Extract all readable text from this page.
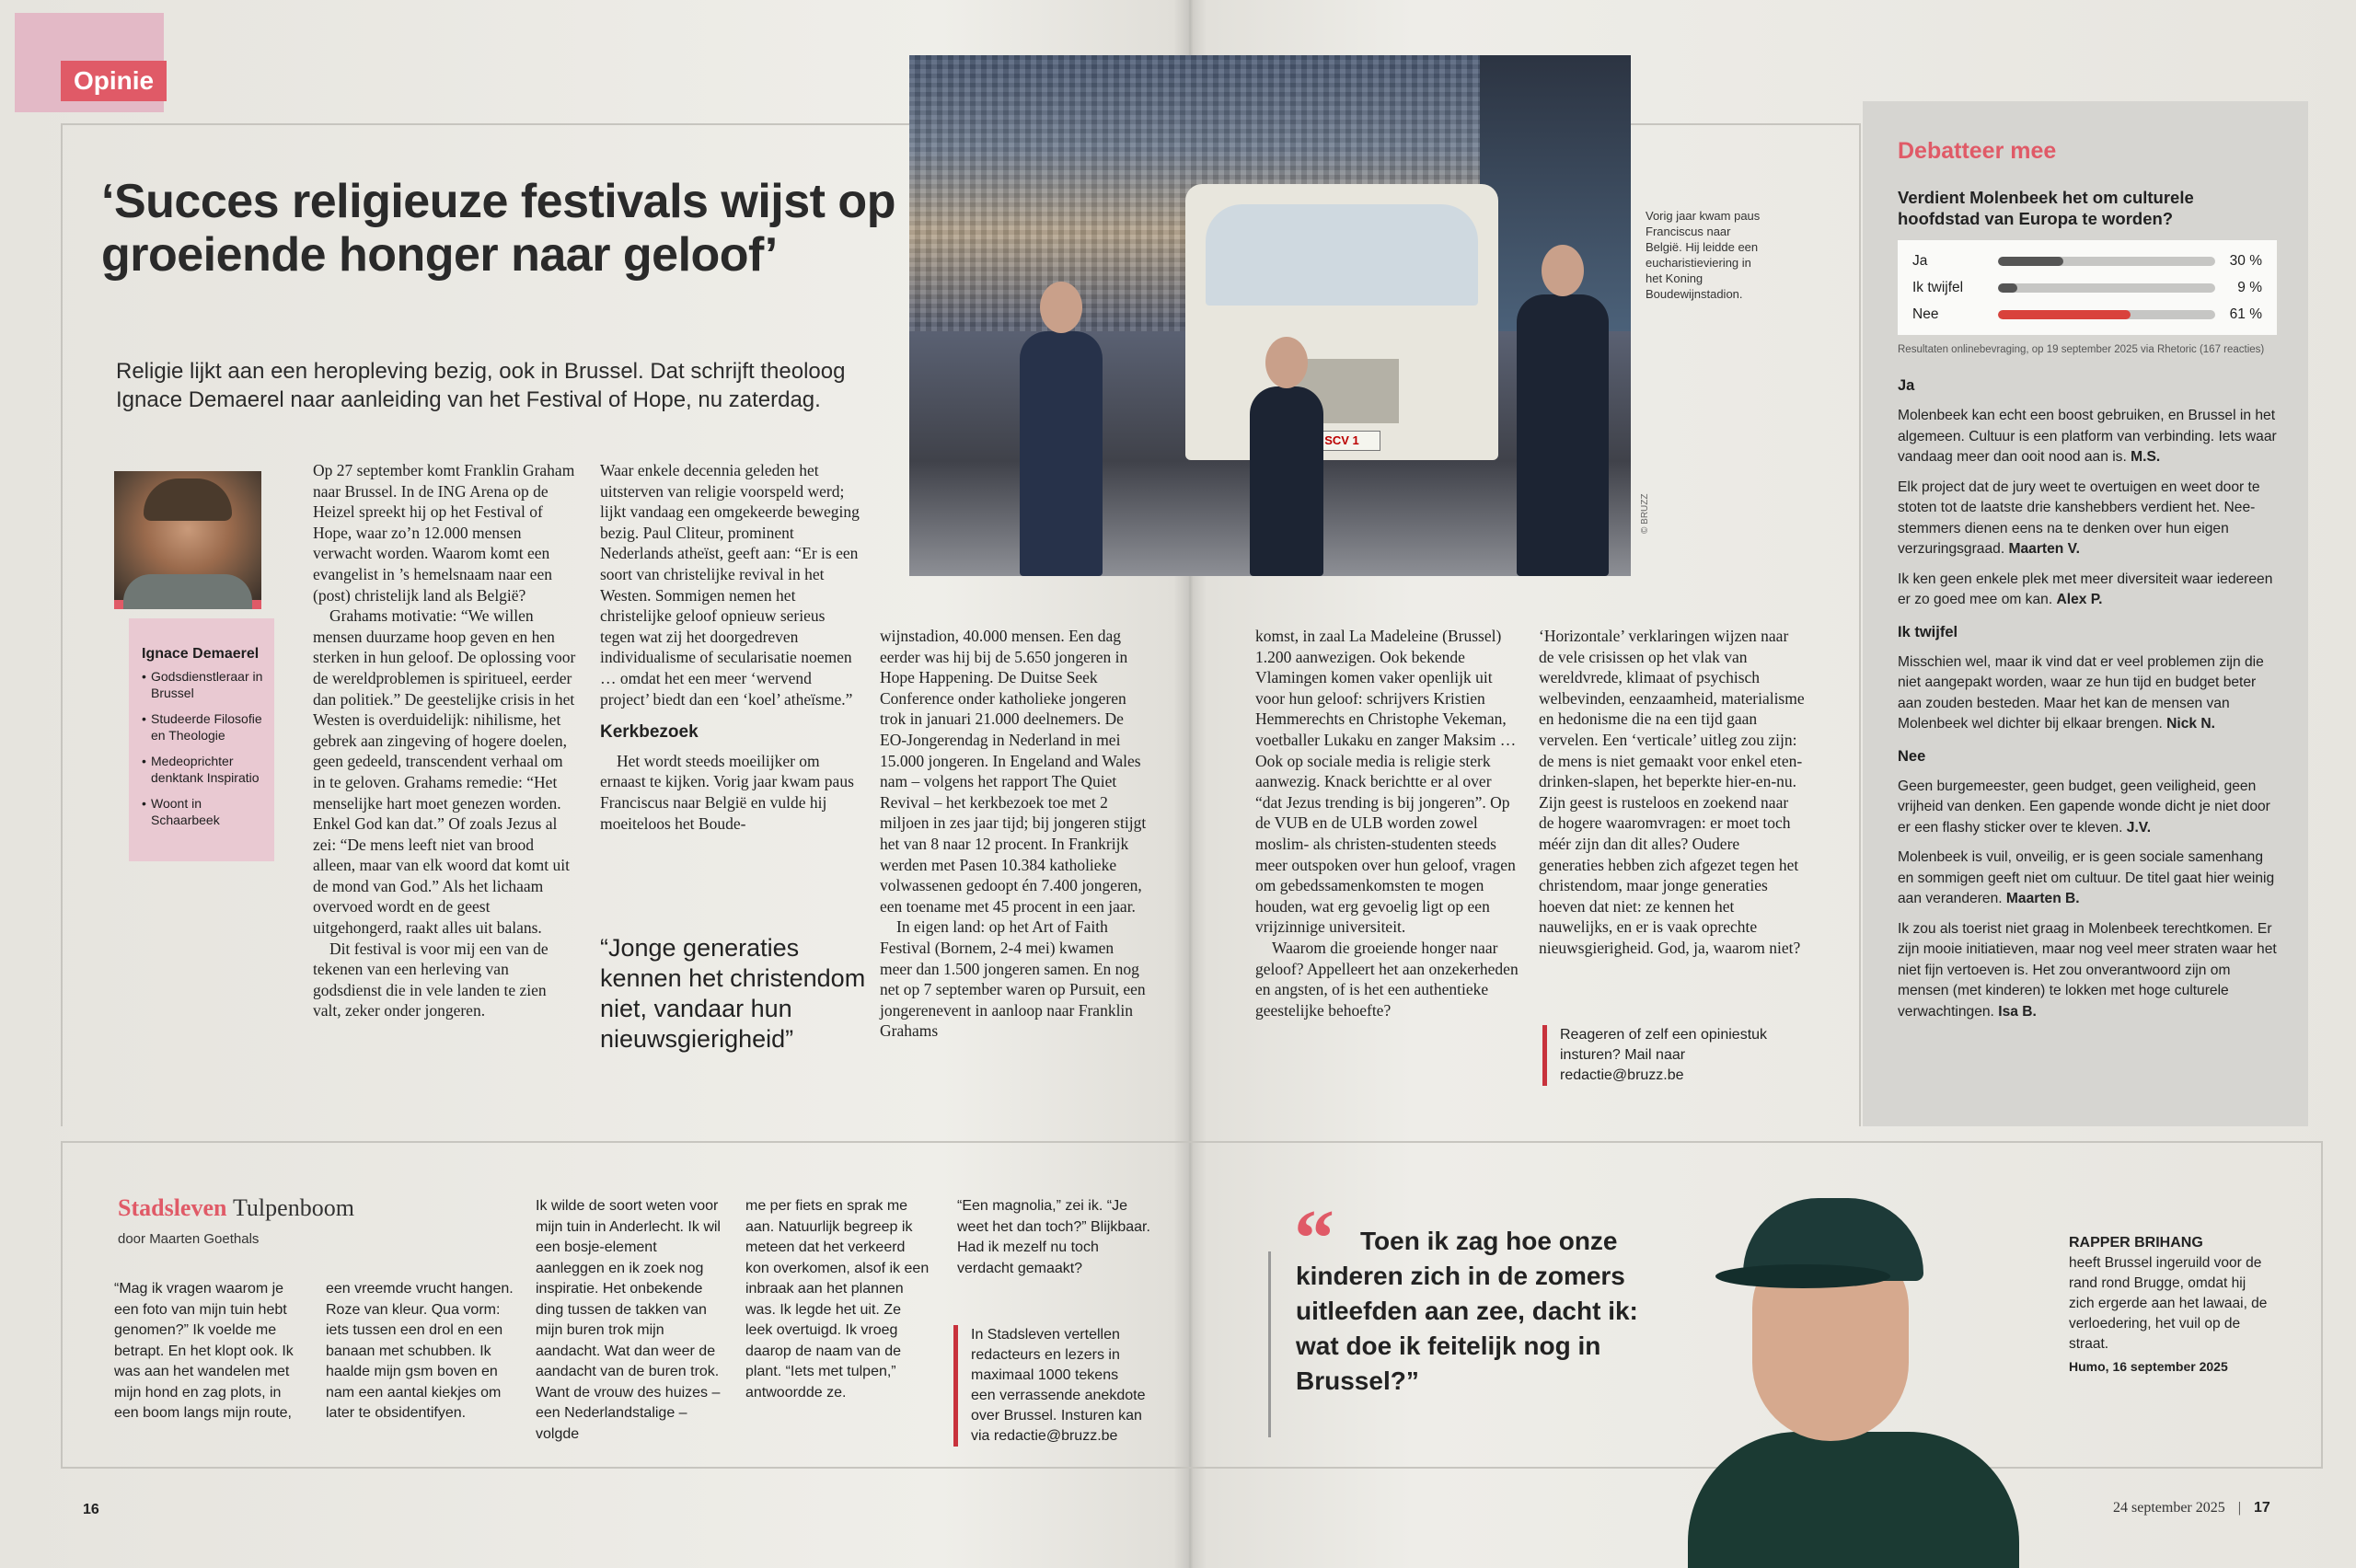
Opinie
‘Succes religieuze festivals wijst op groeiende honger naar geloof’

Religie lijkt aan een heropleving bezig, ook in Brussel. Dat schrijft theoloog Ignace Demaerel naar aanleiding van het Festival of Hope, nu zaterdag.

Ignace Demaerel
• Godsdienstleraar in Brussel
• Studeerde Filosofie en Theologie
• Medeoprichter denktank Inspiratio
• Woont in Schaarbeek

Op 27 september komt Franklin Graham naar Brussel. In de ING Arena op de Heizel spreekt hij op het Festival of Hope, waar zo’n 12.000 mensen verwacht worden. Waarom komt een evangelist in ’s hemelsnaam naar een (post) christelijk land als België?

Grahams motivatie: “We willen mensen duurzame hoop geven en hen sterken in hun geloof. De oplossing voor de wereldproblemen is spiritueel, eerder dan politiek.” De geestelijke crisis in het Westen is overduidelijk: nihilisme, het gebrek aan zingeving of hogere doelen, geen gedeeld, transcendent verhaal om in te geloven. Grahams remedie: “Het menselijke hart moet genezen worden. Enkel God kan dat.” Of zoals Jezus al zei: “De mens leeft niet van brood alleen, maar van elk woord dat komt uit de mond van God.” Als het lichaam overvoed wordt en de geest uitgehongerd, raakt alles uit balans.

Dit festival is voor mij een van de tekenen van een herleving van godsdienst die in vele landen te zien valt, zeker onder jongeren.

Waar enkele decennia geleden het uitsterven van religie voorspeld werd; lijkt vandaag een omgekeerde beweging bezig. Paul Cliteur, prominent Nederlands atheïst, geeft aan: “Er is een soort van christelijke revival in het Westen. Sommigen nemen het christelijke geloof opnieuw serieus tegen wat zij het doorgedreven individualisme of secularisatie noemen … omdat het een meer ‘wervend project’ biedt dan een ‘koel’ atheïsme.”

Kerkbezoek

Het wordt steeds moeilijker om ernaast te kijken. Vorig jaar kwam paus Franciscus naar België en vulde hij moeiteloos het Boude-

“Jonge generaties kennen het christendom niet, vandaar hun nieuwsgierigheid”

wijnstadion, 40.000 mensen. Een dag eerder was hij bij de 5.650 jongeren in Hope Happening. De Duitse Seek Conference onder katholieke jongeren trok in januari 21.000 deelnemers. De EO-Jongerendag in Nederland in mei 15.000 jongeren. In Engeland and Wales nam – volgens het rapport The Quiet Revival – het kerkbezoek toe met 2 miljoen in zes jaar tijd; bij jongeren stijgt het van 8 naar 12 procent. In Frankrijk werden met Pasen 10.384 katholieke volwassenen gedoopt én 7.400 jongeren, een toename met 45 procent in een jaar.

In eigen land: op het Art of Faith Festival (Bornem, 2-4 mei) kwamen meer dan 1.500 jongeren samen. En nog net op 7 september waren op Pursuit, een jongerenevent in aanloop naar Franklin Grahams

SCV 1
© BRUZZ
Vorig jaar kwam paus Franciscus naar België. Hij leidde een eucharistieviering in het Koning Boudewijnstadion.

komst, in zaal La Madeleine (Brussel) 1.200 aanwezigen. Ook bekende Vlamingen komen vaker openlijk uit voor hun geloof: schrijvers Kristien Hemmerechts en Christophe Vekeman, voetballer Lukaku en zanger Maksim … Ook op sociale media is religie sterk aanwezig. Knack berichtte er al over “dat Jezus trending is bij jongeren”. Op de VUB en de ULB worden zowel moslim- als christen-studenten steeds meer outspoken over hun geloof, vragen om gebedssamenkomsten te mogen houden, wat erg gevoelig ligt op een vrijzinnige universiteit.

Waarom die groeiende honger naar geloof? Appelleert het aan onzekerheden en angsten, of is het een authentieke geestelijke behoefte?

‘Horizontale’ verklaringen wijzen naar de vele crisissen op het vlak van wereldvrede, klimaat of psychisch welbevinden, eenzaamheid, materialisme en hedonisme die na een tijd gaan vervelen. Een ‘verticale’ uitleg zou zijn: de mens is niet gemaakt voor enkel eten-drinken-slapen, het beperkte hier-en-nu. Zijn geest is rusteloos en zoekend naar de hogere waaromvragen: er moet toch méér zijn dan dit alles? Oudere generaties hebben zich afgezet tegen het christendom, maar jonge generaties hoeven dat niet: ze kennen het nauwelijks, en er is vaak oprechte nieuwsgierigheid. God, ja, waarom niet?

Reageren of zelf een opiniestuk insturen? Mail naar redactie@bruzz.be
Debatteer mee
Verdient Molenbeek het om culturele hoofdstad van Europa te worden?
Ja	30 %
Ik twijfel	9 %
Nee	61 %
Resultaten onlinebevraging, op 19 september 2025 via Rhetoric (167 reacties)
Ja

Molenbeek kan echt een boost gebruiken, en Brussel in het algemeen. Cultuur is een platform van verbinding. Iets waar vandaag meer dan ooit nood aan is. M.S.

Elk project dat de jury weet te overtuigen en weet door te stoten tot de laatste drie kanshebbers verdient het. Nee-stemmers dienen eens na te denken over hun eigen verzuringsgraad. Maarten V.

Ik ken geen enkele plek met meer diversiteit waar iedereen er zo goed mee om kan. Alex P.

Ik twijfel

Misschien wel, maar ik vind dat er veel problemen zijn die niet aangepakt worden, waar ze hun tijd en budget beter aan zouden besteden. Maar het kan de mensen van Molenbeek wel dichter bij elkaar brengen. Nick N.

Nee

Geen burgemeester, geen budget, geen veiligheid, geen vrijheid van denken. Een gapende wonde dicht je niet door er een flashy sticker over te kleven. J.V.

Molenbeek is vuil, onveilig, er is geen sociale samenhang en sommigen geeft niet om cultuur. De titel gaat hier weinig aan veranderen. Maarten B.

Ik zou als toerist niet graag in Molenbeek terechtkomen. Er zijn mooie initiatieven, maar nog veel meer straten waar het niet fijn vertoeven is. Het zou onverantwoord zijn om mensen (met kinderen) te lokken met hoge culturele verwachtingen. Isa B.

Stadsleven Tulpenboom
door Maarten Goethals
“Mag ik vragen waarom je een foto van mijn tuin hebt genomen?” Ik voelde me betrapt. En het klopt ook. Ik was aan het wandelen met mijn hond en zag plots, in een boom langs mijn route,
een vreemde vrucht hangen. Roze van kleur. Qua vorm: iets tussen een drol en een banaan met schubben. Ik haalde mijn gsm boven en nam een aantal kiekjes om later te obsidentifyen.
Ik wilde de soort weten voor mijn tuin in Anderlecht. Ik wil een bosje-element aanleggen en ik zoek nog inspiratie. Het onbekende ding tussen de takken van mijn buren trok mijn aandacht. Wat dan weer de aandacht van de buren trok. Want de vrouw des huizes – een Nederlandstalige – volgde
me per fiets en sprak me aan. Natuurlijk begreep ik meteen dat het verkeerd kon overkomen, alsof ik een inbraak aan het plannen was. Ik legde het uit. Ze leek overtuigd. Ik vroeg daarop de naam van de plant. “Iets met tulpen,” antwoordde ze.
“Een magnolia,” zei ik. “Je weet het dan toch?” Blijkbaar. Had ik mezelf nu toch verdacht gemaakt?
In Stadsleven vertellen redacteurs en lezers in maximaal 1000 tekens een verrassende anekdote over Brussel. Insturen kan via redactie@bruzz.be
“	Toen ik zag hoe onze kinderen zich in de zomers uitleefden aan zee, dacht ik: wat doe ik feitelijk nog in Brussel?”
RAPPER BRIHANG
heeft Brussel ingeruild voor de rand rond Brugge, omdat hij zich ergerde aan het lawaai, de verloedering, het vuil op de straat.
Humo, 16 september 2025
16	24 september 2025 | 17
